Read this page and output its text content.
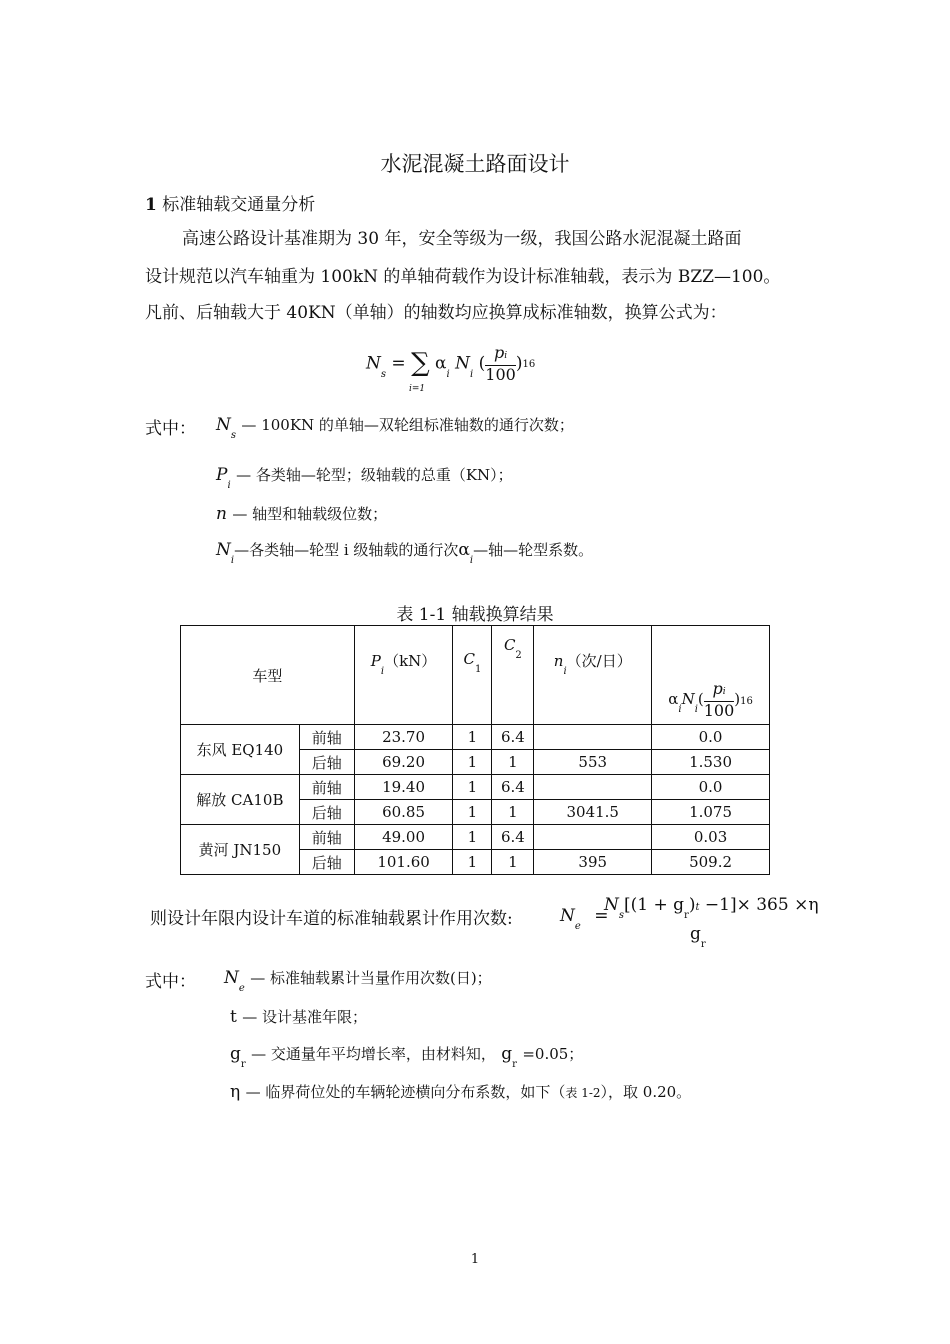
水泥混凝土路面设计
1 标准轴载交通量分析
高速公路设计基准期为 30 年，安全等级为一级，我国公路水泥混凝土路面
设计规范以汽车轴重为 100kN 的单轴荷载作为设计标准轴载，表示为 BZZ—100。
凡前、后轴载大于 40KN（单轴）的轴数均应换算成标准轴数，换算公式为：
$N_s$ = ∑ $\alpha_i$ $N_i$ ( $\frac{pi}{100} )16$
i=1
式中： $N_s$ — 100KN 的单轴—双轮组标准轴数的通行次数；
$P_i$ — 各类轴—轮型；级轴载的总重（KN）；
n — 轴型和轴载级位数；
$N_i—$各类轴—轮型 i 级轴载的通行次$\alpha_i—$轴—轮型系数。
表 1-1 轴载换算结果
车型		$P_i(kN)$	$C_1$	$C_2$	$n_i$（次/日）	$\alpha_iN_i( \frac{pi}{100} )16$
东风 EQ140	前轴	23.70	1	6.4		0.0
	后轴	69.20	1	1	553	1.530
解放 CA10B	前轴	19.40	1	6.4		0.0
	后轴	60.85	1	1	3041.5	1.075
黄河 JN150	前轴	49.00	1	6.4		0.03
	后轴	101.60	1	1	395	509.2
则设计年限内设计车道的标准轴载累计作用次数:	$N_e$ =
$N_s[(1 + g_r)t -1]\times 365 \times\eta$
$g_r$
式中： $N_e$ — 标准轴载累计当量作用次数(日)；
t — 设计基准年限；
$g_r$ — 交通量年平均增长率，由材料知， $g_r =0.05$；
η — 临界荷位处的车辆轮迹横向分布系数，如下（表 1-2），取 0.20。
1
